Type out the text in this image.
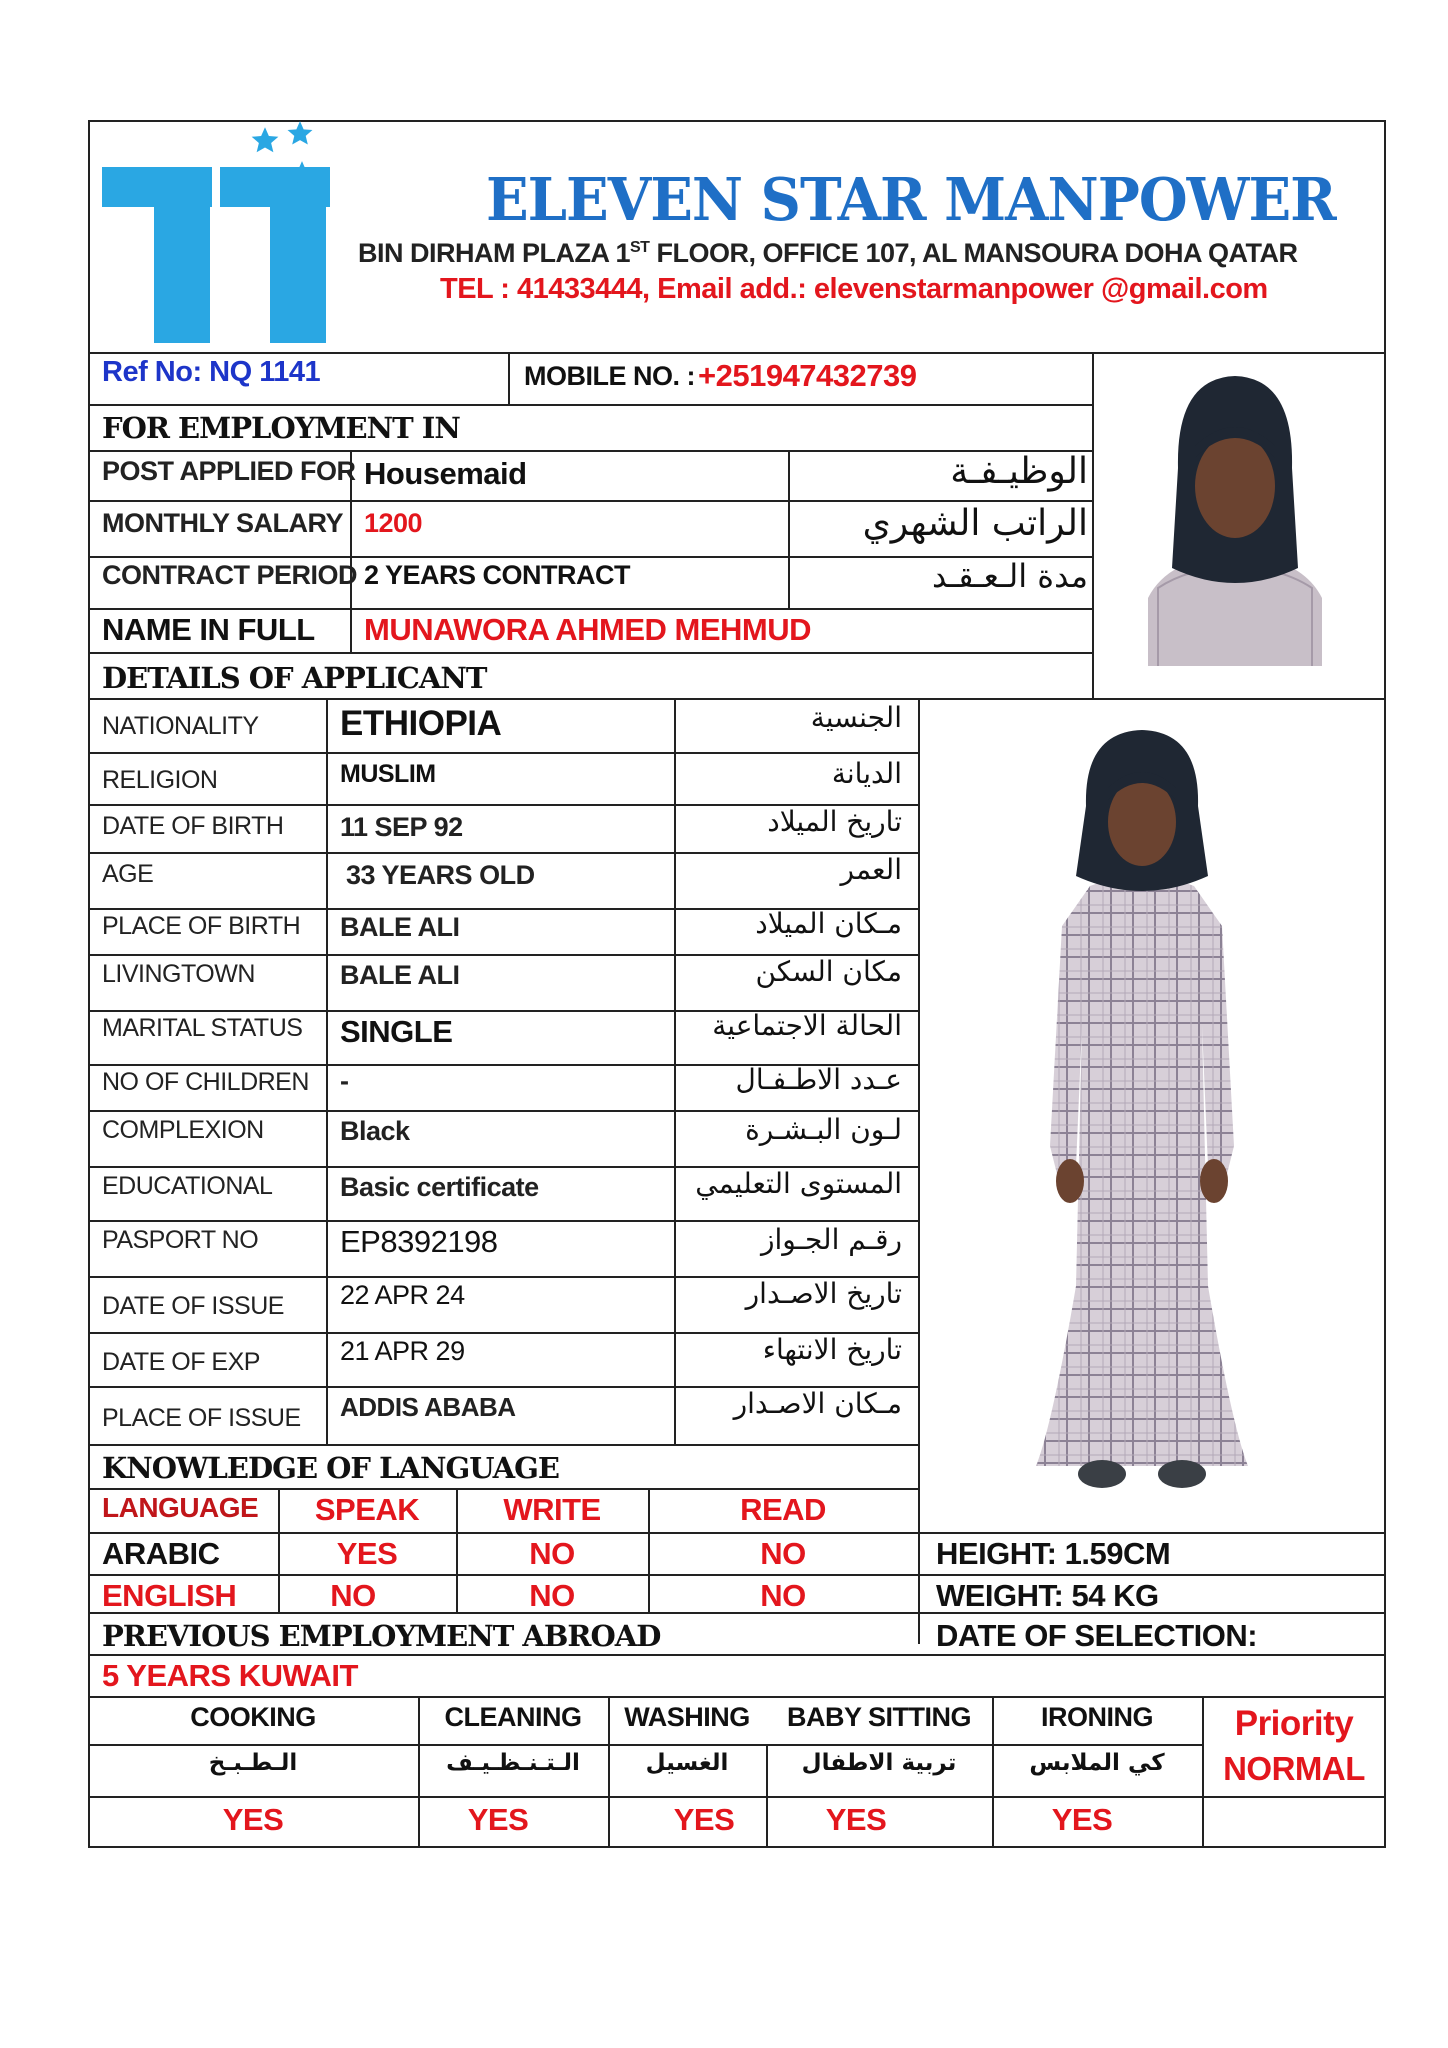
ELEVEN STAR MANPOWER
BIN DIRHAM PLAZA 1ST FLOOR, OFFICE 107, AL MANSOURA DOHA QATAR
TEL : 41433444, Email add.: elevenstarmanpower @gmail.com
Ref No: NQ 1141	MOBILE NO. : +251947432739
FOR EMPLOYMENT IN
POST APPLIED FOR Housemaid	الوظيـفـة
MONTHLY SALARY 1200	الراتب الشهري
CONTRACT PERIOD 2 YEARS CONTRACT	مدة الـعـقـد
NAME IN FULL MUNAWORA AHMED MEHMUD
DETAILS OF APPLICANT
NATIONALITY ETHIOPIA	الجنسية
RELIGION	MUSLIM	الديانة
DATE OF BIRTH 11 SEP 92	تاريخ الميلاد
AGE	33 YEARS OLD	العمر
PLACE OF BIRTH BALE ALI	مـكان الميلاد
LIVINGTOWN	BALE ALI	مكان السكن
MARITAL STATUS SINGLE	الحالة الاجتماعية
NO OF CHILDREN -	عـدد الاطـفـال
COMPLEXION	Black	لـون البـشـرة
EDUCATIONAL	Basic certificate	المستوى التعليمي
PASPORT NO	EP8392198	رقـم الجـواز
DATE OF ISSUE 22 APR 24	تاريخ الاصـدار
DATE OF EXP	21 APR 29	تاريخ الانتهاء
PLACE OF ISSUE ADDIS ABABA	مـكان الاصـدار
KNOWLEDGE OF LANGUAGE
LANGUAGE	SPEAK	WRITE	READ
ARABIC	YES	NO	NO
ENGLISH	NO	NO	NO
HEIGHT: 1.59CM
WEIGHT: 54 KG
DATE OF SELECTION:
PREVIOUS EMPLOYMENT ABROAD
5 YEARS KUWAIT
COOKING	CLEANING	WASHING	BABY SITTING	IRONING	Priority
الـطـبـخ	الـتـنـظـيـف	الغسيل	تربية الاطفال	كي الملابس	NORMAL
YES	YES	YES	YES	YES
